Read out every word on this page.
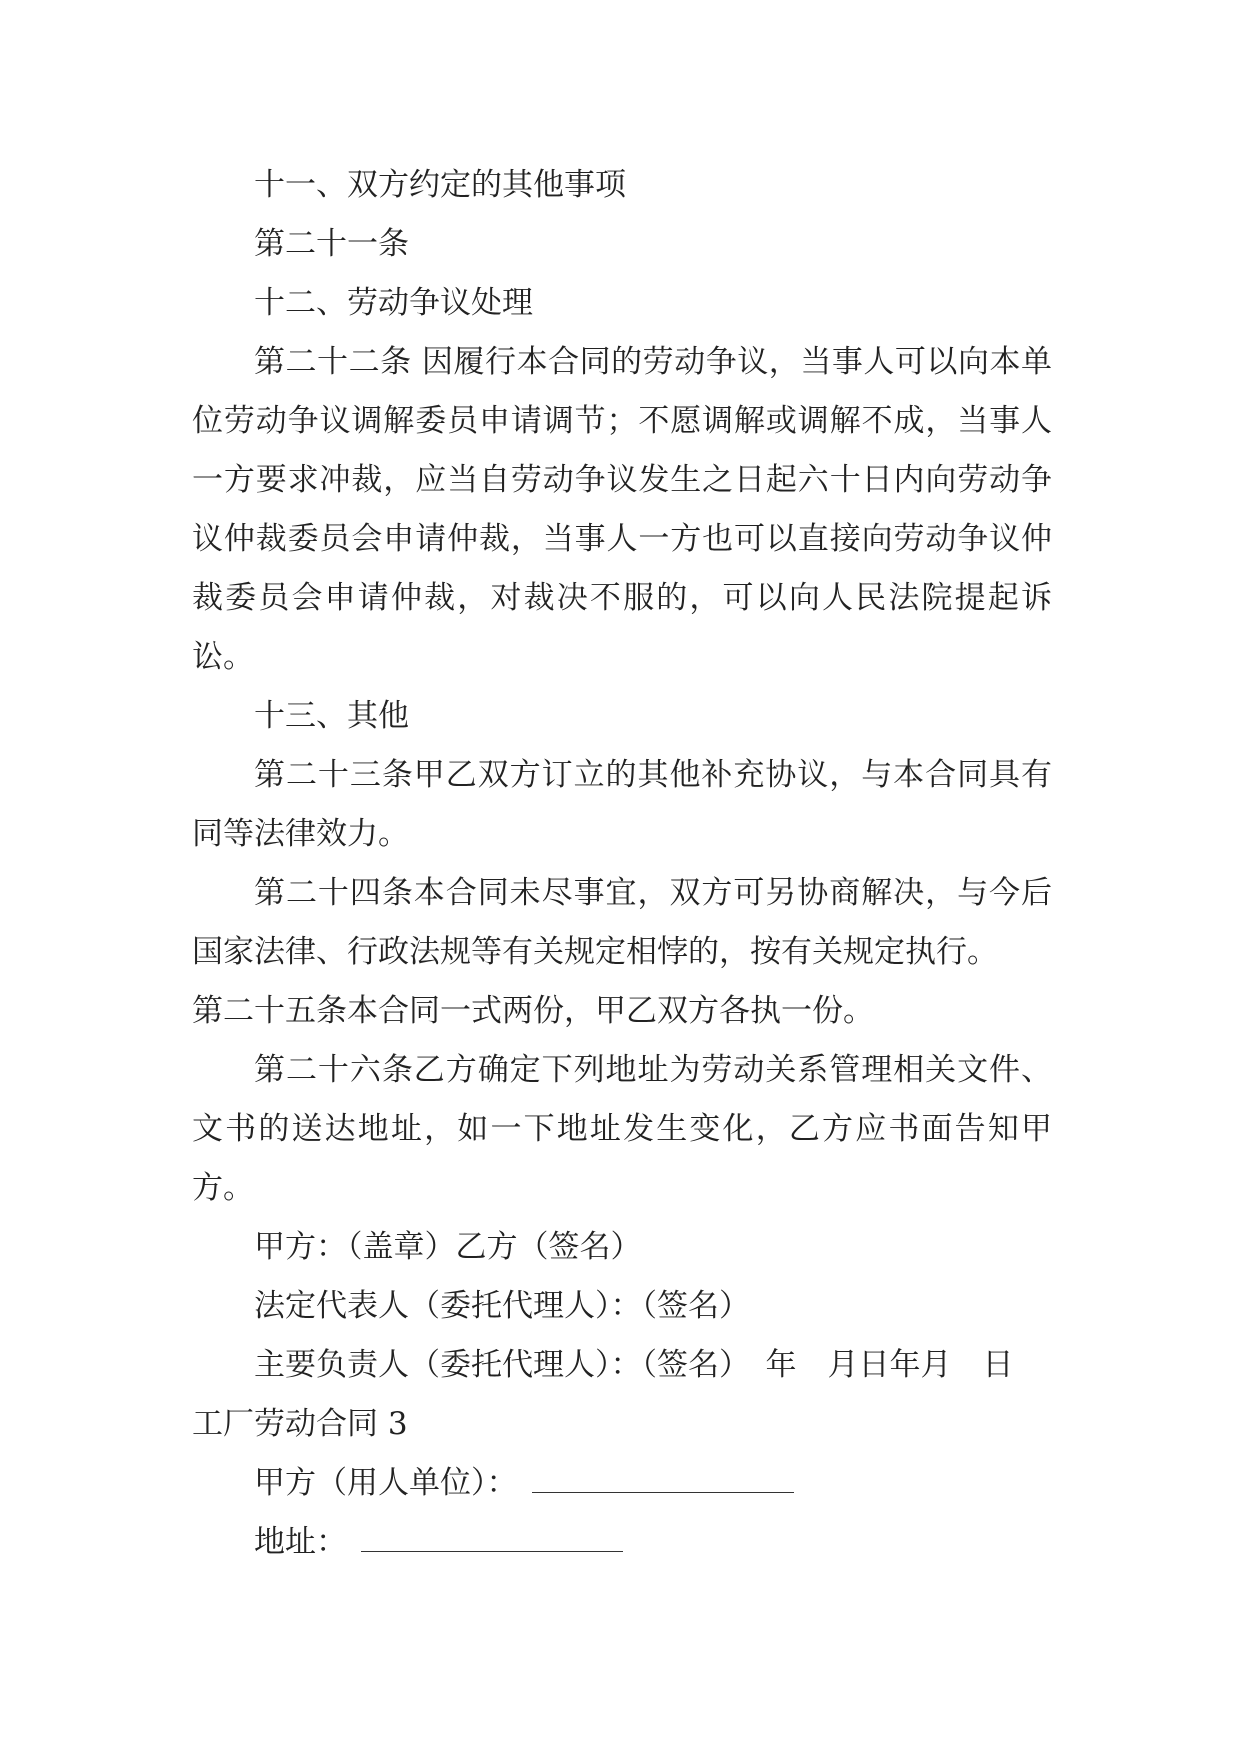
十一、双方约定的其他事项

第二十一条

十二、劳动争议处理

第二十二条 因履行本合同的劳动争议，当事人可以向本单位劳动争议调解委员申请调节；不愿调解或调解不成，当事人一方要求冲裁，应当自劳动争议发生之日起六十日内向劳动争议仲裁委员会申请仲裁，当事人一方也可以直接向劳动争议仲裁委员会申请仲裁，对裁决不服的，可以向人民法院提起诉讼。

十三、其他

第二十三条甲乙双方订立的其他补充协议，与本合同具有同等法律效力。

第二十四条本合同未尽事宜，双方可另协商解决，与今后国家法律、行政法规等有关规定相悖的，按有关规定执行。

第二十五条本合同一式两份，甲乙双方各执一份。

第二十六条乙方确定下列地址为劳动关系管理相关文件、文书的送达地址，如一下地址发生变化，乙方应书面告知甲方。

甲方：（盖章）乙方（签名）

法定代表人（委托代理人）：（签名）

主要负责人（委托代理人）：（签名）　年　月日年月　日

工厂劳动合同 3

甲方（用人单位）：

地址：
